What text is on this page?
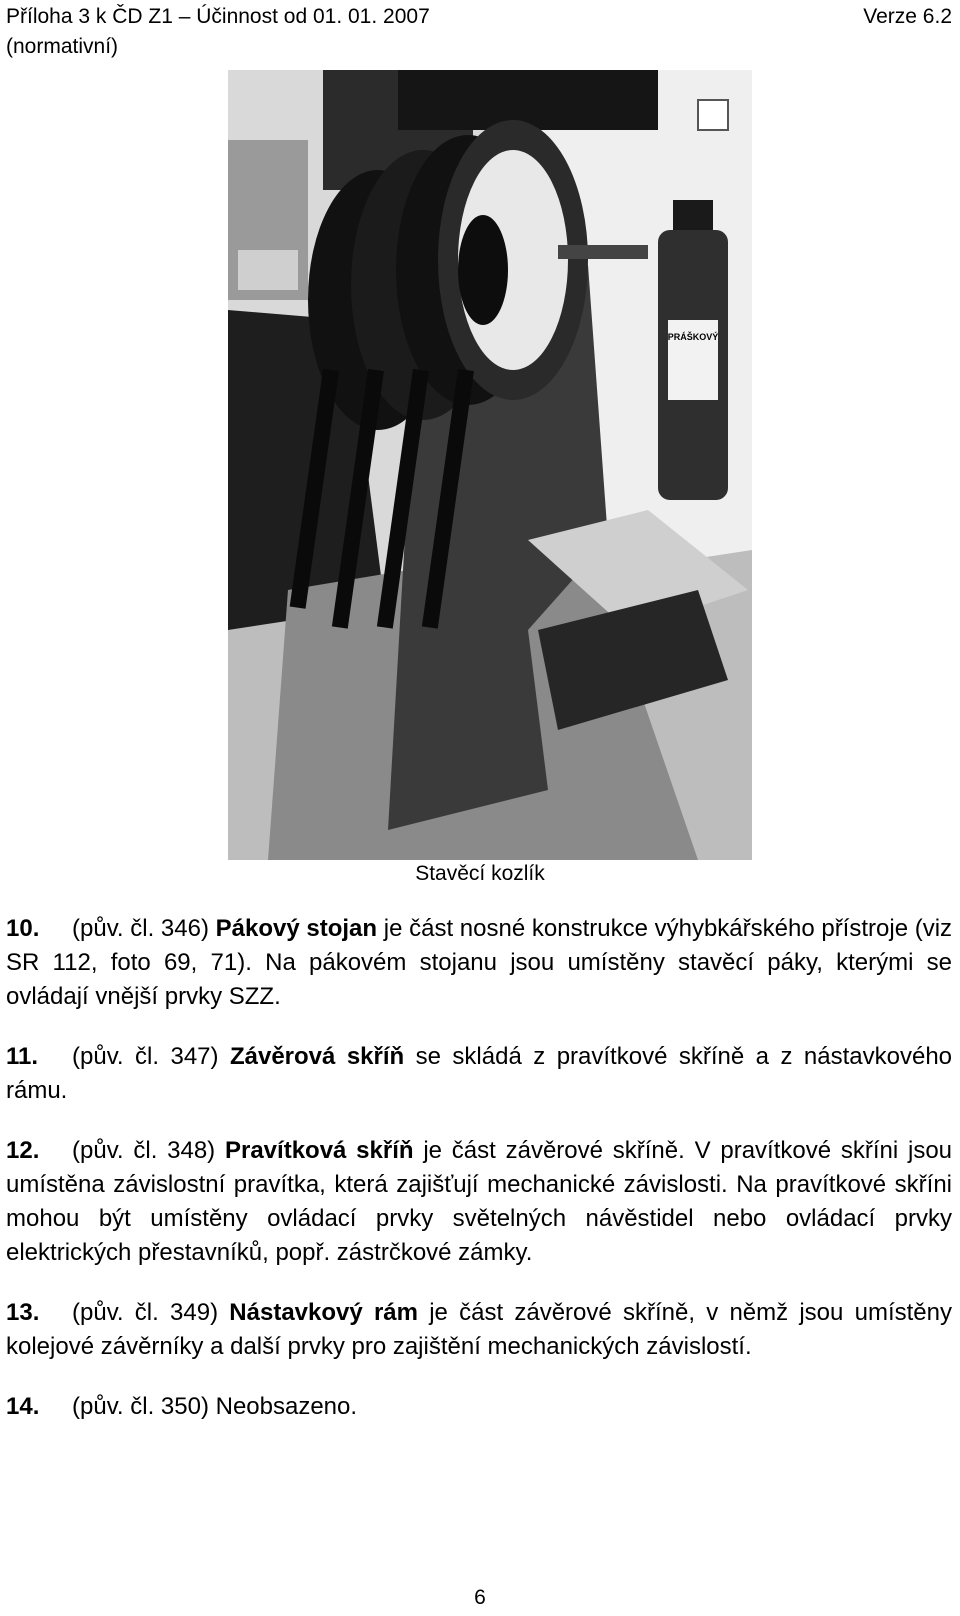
Příloha 3 k ČD Z1 – Účinnost od 01. 01. 2007	Verze 6.2
(normativní)
PRÁŠKOVÝ
Stavěcí kozlík

10. (pův. čl. 346) Pákový stojan je část nosné konstrukce výhybkářského přístroje (viz SR 112, foto 69, 71). Na pákovém stojanu jsou umístěny stavěcí páky, kterými se ovládají vnější prvky SZZ.

11. (pův. čl. 347) Závěrová skříň se skládá z pravítkové skříně a z nástavkového rámu.

12. (pův. čl. 348) Pravítková skříň je část závěrové skříně. V pravítkové skříni jsou umístěna závislostní pravítka, která zajišťují mechanické závislosti. Na pravítkové skříni mohou být umístěny ovládací prvky světelných návěstidel nebo ovládací prvky elektrických přestavníků, popř. zástrčkové zámky.

13. (pův. čl. 349) Nástavkový rám je část závěrové skříně, v němž jsou umístěny kolejové závěrníky a další prvky pro zajištění mechanických závislostí.

14. (pův. čl. 350) Neobsazeno.

6
